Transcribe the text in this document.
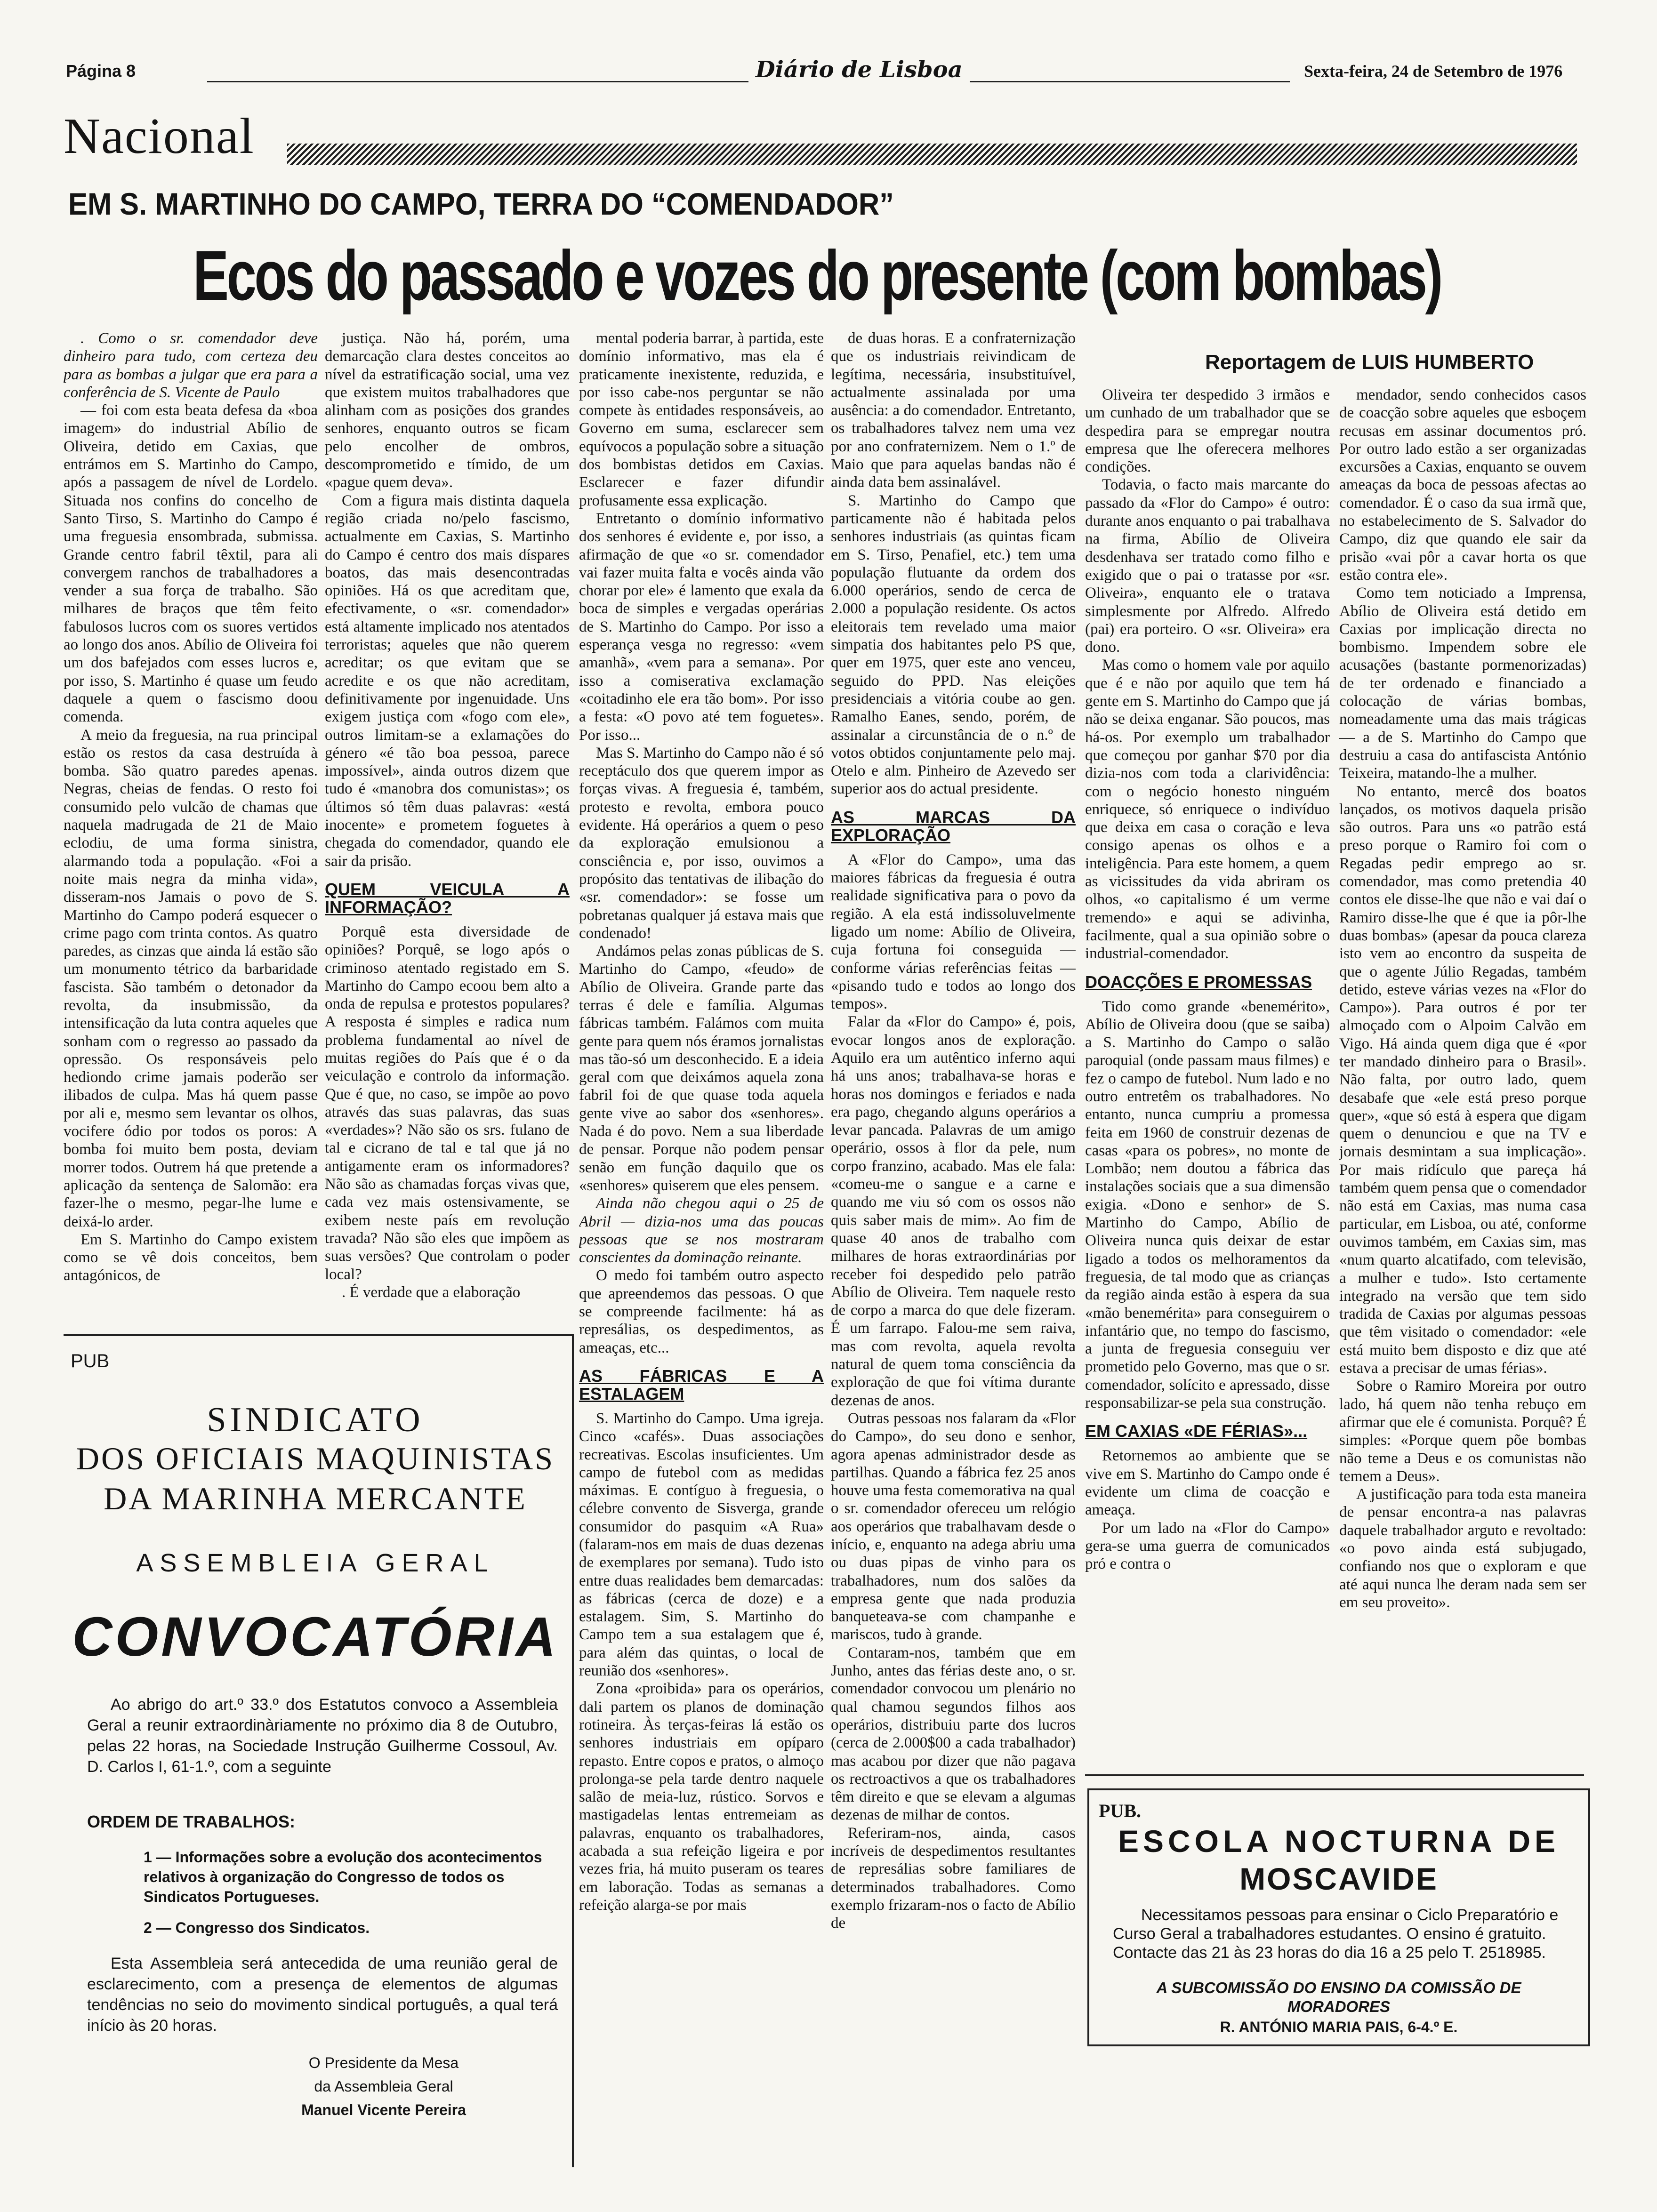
Página 8	Diário de Lisboa	Sexta-feira, 24 de Setembro de 1976
Nacional
EM S. MARTINHO DO CAMPO, TERRA DO “COMENDADOR”
Ecos do passado e vozes do presente (com bombas)
Reportagem de LUIS HUMBERTO

. Como o sr. comendador deve dinheiro para tudo, com certeza deu para as bombas a julgar que era para a conferência de S. Vicente de Paulo

— foi com esta beata defesa da «boa imagem» do industrial Abílio de Oliveira, detido em Caxias, que entrámos em S. Martinho do Campo, após a passagem de nível de Lordelo. Situada nos confins do concelho de Santo Tirso, S. Martinho do Campo é uma freguesia ensombrada, submissa. Grande centro fabril têxtil, para ali convergem ranchos de trabalhadores a vender a sua força de trabalho. São milhares de braços que têm feito fabulosos lucros com os suores vertidos ao longo dos anos. Abílio de Oliveira foi um dos bafejados com esses lucros e, por isso, S. Martinho é quase um feudo daquele a quem o fascismo doou comenda.

A meio da freguesia, na rua principal estão os restos da casa destruída à bomba. São quatro paredes apenas. Negras, cheias de fendas. O resto foi consumido pelo vulcão de chamas que naquela madrugada de 21 de Maio eclodiu, de uma forma sinistra, alarmando toda a população. «Foi a noite mais negra da minha vida», disseram-nos Jamais o povo de S. Martinho do Campo poderá esquecer o crime pago com trinta contos. As quatro paredes, as cinzas que ainda lá estão são um monumento tétrico da barbaridade fascista. São também o detonador da revolta, da insubmissão, da intensificação da luta contra aqueles que sonham com o regresso ao passado da opressão. Os responsáveis pelo hediondo crime jamais poderão ser ilibados de culpa. Mas há quem passe por ali e, mesmo sem levantar os olhos, vocifere ódio por todos os poros: A bomba foi muito bem posta, deviam morrer todos. Outrem há que pretende a aplicação da sentença de Salomão: era fazer-lhe o mesmo, pegar-lhe lume e deixá-lo arder.

Em S. Martinho do Campo existem como se vê dois conceitos, bem antagónicos, de

justiça. Não há, porém, uma demarcação clara destes conceitos ao nível da estratificação social, uma vez que existem muitos trabalhadores que alinham com as posições dos grandes senhores, enquanto outros se ficam pelo encolher de ombros, descomprometido e tímido, de um «pague quem deva».

Com a figura mais distinta daquela região criada no/pelo fascismo, actualmente em Caxias, S. Martinho do Campo é centro dos mais díspares boatos, das mais desencontradas opiniões. Há os que acreditam que, efectivamente, o «sr. comendador» está altamente implicado nos atentados terroristas; aqueles que não querem acreditar; os que evitam que se acredite e os que não acreditam, definitivamente por ingenuidade. Uns exigem justiça com «fogo com ele», outros limitam-se a exlamações do género «é tão boa pessoa, parece impossível», ainda outros dizem que tudo é «manobra dos comunistas»; os últimos só têm duas palavras: «está inocente» e prometem foguetes à chegada do comendador, quando ele sair da prisão.

QUEM VEICULA A INFORMAÇÃO?

Porquê esta diversidade de opiniões? Porquê, se logo após o criminoso atentado registado em S. Martinho do Campo ecoou bem alto a onda de repulsa e protestos populares? A resposta é simples e radica num problema fundamental ao nível de muitas regiões do País que é o da veiculação e controlo da informação. Que é que, no caso, se impõe ao povo através das suas palavras, das suas «verdades»? Não são os srs. fulano de tal e cicrano de tal e tal que já no antigamente eram os informadores? Não são as chamadas forças vivas que, cada vez mais ostensivamente, se exibem neste país em revolução travada? Não são eles que impõem as suas versões? Que controlam o poder local?

. É verdade que a elaboração

mental poderia barrar, à partida, este domínio informativo, mas ela é praticamente inexistente, reduzida, e por isso cabe-nos perguntar se não compete às entidades responsáveis, ao Governo em suma, esclarecer sem equívocos a população sobre a situação dos bombistas detidos em Caxias. Esclarecer e fazer difundir profusamente essa explicação.

Entretanto o domínio informativo dos senhores é evidente e, por isso, a afirmação de que «o sr. comendador vai fazer muita falta e vocês ainda vão chorar por ele» é lamento que exala da boca de simples e vergadas operárias de S. Martinho do Campo. Por isso a esperança vesga no regresso: «vem amanhã», «vem para a semana». Por isso a comiserativa exclamação «coitadinho ele era tão bom». Por isso a festa: «O povo até tem foguetes». Por isso...

Mas S. Martinho do Campo não é só receptáculo dos que querem impor as forças vivas. A freguesia é, também, protesto e revolta, embora pouco evidente. Há operários a quem o peso da exploração emulsionou a consciência e, por isso, ouvimos a propósito das tentativas de ilibação do «sr. comendador»: se fosse um pobretanas qualquer já estava mais que condenado!

Andámos pelas zonas públicas de S. Martinho do Campo, «feudo» de Abílio de Oliveira. Grande parte das terras é dele e família. Algumas fábricas também. Falámos com muita gente para quem nós éramos jornalistas mas tão-só um desconhecido. E a ideia geral com que deixámos aquela zona fabril foi de que quase toda aquela gente vive ao sabor dos «senhores». Nada é do povo. Nem a sua liberdade de pensar. Porque não podem pensar senão em função daquilo que os «senhores» quiserem que eles pensem.

Ainda não chegou aqui o 25 de Abril — dizia-nos uma das poucas pessoas que se nos mostraram conscientes da dominação reinante.

O medo foi também outro aspecto que apreendemos das pessoas. O que se compreende facilmente: há as represálias, os despedimentos, as ameaças, etc...

AS FÁBRICAS E A ESTALAGEM

S. Martinho do Campo. Uma igreja. Cinco «cafés». Duas associações recreativas. Escolas insuficientes. Um campo de futebol com as medidas máximas. E contíguo à freguesia, o célebre convento de Sisverga, grande consumidor do pasquim «A Rua» (falaram-nos em mais de duas dezenas de exemplares por semana). Tudo isto entre duas realidades bem demarcadas: as fábricas (cerca de doze) e a estalagem. Sim, S. Martinho do Campo tem a sua estalagem que é, para além das quintas, o local de reunião dos «senhores».

Zona «proibida» para os operários, dali partem os planos de dominação rotineira. Às terças-feiras lá estão os senhores industriais em opíparo repasto. Entre copos e pratos, o almoço prolonga-se pela tarde dentro naquele salão de meia-luz, rústico. Sorvos e mastigadelas lentas entremeiam as palavras, enquanto os trabalhadores, acabada a sua refeição ligeira e por vezes fria, há muito puseram os teares em laboração. Todas as semanas a refeição alarga-se por mais

de duas horas. E a confraternização que os industriais reivindicam de legítima, necessária, insubstituível, actualmente assinalada por uma ausência: a do comendador. Entretanto, os trabalhadores talvez nem uma vez por ano confraternizem. Nem o 1.º de Maio que para aquelas bandas não é ainda data bem assinalável.

S. Martinho do Campo que particamente não é habitada pelos senhores industriais (as quintas ficam em S. Tirso, Penafiel, etc.) tem uma população flutuante da ordem dos 6.000 operários, sendo de cerca de 2.000 a população residente. Os actos eleitorais tem revelado uma maior simpatia dos habitantes pelo PS que, quer em 1975, quer este ano venceu, seguido do PPD. Nas eleições presidenciais a vitória coube ao gen. Ramalho Eanes, sendo, porém, de assinalar a circunstância de o n.º de votos obtidos conjuntamente pelo maj. Otelo e alm. Pinheiro de Azevedo ser superior aos do actual presidente.

AS MARCAS DA EXPLORAÇÃO

A «Flor do Campo», uma das maiores fábricas da freguesia é outra realidade significativa para o povo da região. A ela está indissoluvelmente ligado um nome: Abílio de Oliveira, cuja fortuna foi conseguida — conforme várias referências feitas — «pisando tudo e todos ao longo dos tempos».

Falar da «Flor do Campo» é, pois, evocar longos anos de exploração. Aquilo era um autêntico inferno aqui há uns anos; trabalhava-se horas e horas nos domingos e feriados e nada era pago, chegando alguns operários a levar pancada. Palavras de um amigo operário, ossos à flor da pele, num corpo franzino, acabado. Mas ele fala: «comeu-me o sangue e a carne e quando me viu só com os ossos não quis saber mais de mim». Ao fim de quase 40 anos de trabalho com milhares de horas extraordinárias por receber foi despedido pelo patrão Abílio de Oliveira. Tem naquele resto de corpo a marca do que dele fizeram. É um farrapo. Falou-me sem raiva, mas com revolta, aquela revolta natural de quem toma consciência da exploração de que foi vítima durante dezenas de anos.

Outras pessoas nos falaram da «Flor do Campo», do seu dono e senhor, agora apenas administrador desde as partilhas. Quando a fábrica fez 25 anos houve uma festa comemorativa na qual o sr. comendador ofereceu um relógio aos operários que trabalhavam desde o início, e, enquanto na adega abriu uma ou duas pipas de vinho para os trabalhadores, num dos salões da empresa gente que nada produzia banqueteava-se com champanhe e mariscos, tudo à grande.

Contaram-nos, também que em Junho, antes das férias deste ano, o sr. comendador convocou um plenário no qual chamou segundos filhos aos operários, distribuiu parte dos lucros (cerca de 2.000$00 a cada trabalhador) mas acabou por dizer que não pagava os rectroactivos a que os trabalhadores têm direito e que se elevam a algumas dezenas de milhar de contos.

Referiram-nos, ainda, casos incríveis de despedimentos resultantes de represálias sobre familiares de determinados trabalhadores. Como exemplo frizaram-nos o facto de Abílio de

Oliveira ter despedido 3 irmãos e um cunhado de um trabalhador que se despedira para se empregar noutra empresa que lhe oferecera melhores condições.

Todavia, o facto mais marcante do passado da «Flor do Campo» é outro: durante anos enquanto o pai trabalhava na firma, Abílio de Oliveira desdenhava ser tratado como filho e exigido que o pai o tratasse por «sr. Oliveira», enquanto ele o tratava simplesmente por Alfredo. Alfredo (pai) era porteiro. O «sr. Oliveira» era dono.

Mas como o homem vale por aquilo que é e não por aquilo que tem há gente em S. Martinho do Campo que já não se deixa enganar. São poucos, mas há-os. Por exemplo um trabalhador que começou por ganhar $70 por dia dizia-nos com toda a clarividência: com o negócio honesto ninguém enriquece, só enriquece o indivíduo que deixa em casa o coração e leva consigo apenas os olhos e a inteligência. Para este homem, a quem as vicissitudes da vida abriram os olhos, «o capitalismo é um verme tremendo» e aqui se adivinha, facilmente, qual a sua opinião sobre o industrial-comendador.

DOACÇÕES E PROMESSAS

Tido como grande «benemérito», Abílio de Oliveira doou (que se saiba) a S. Martinho do Campo o salão paroquial (onde passam maus filmes) e fez o campo de futebol. Num lado e no outro entretêm os trabalhadores. No entanto, nunca cumpriu a promessa feita em 1960 de construir dezenas de casas «para os pobres», no monte de Lombão; nem doutou a fábrica das instalações sociais que a sua dimensão exigia. «Dono e senhor» de S. Martinho do Campo, Abílio de Oliveira nunca quis deixar de estar ligado a todos os melhoramentos da freguesia, de tal modo que as crianças da região ainda estão à espera da sua «mão benemérita» para conseguirem o infantário que, no tempo do fascismo, a junta de freguesia conseguiu ver prometido pelo Governo, mas que o sr. comendador, solícito e apressado, disse responsabilizar-se pela sua construção.

EM CAXIAS «DE FÉRIAS»...

Retornemos ao ambiente que se vive em S. Martinho do Campo onde é evidente um clima de coacção e ameaça.

Por um lado na «Flor do Campo» gera-se uma guerra de comunicados pró e contra o

mendador, sendo conhecidos casos de coacção sobre aqueles que esboçem recusas em assinar documentos pró. Por outro lado estão a ser organizadas excursões a Caxias, enquanto se ouvem ameaças da boca de pessoas afectas ao comendador. É o caso da sua irmã que, no estabelecimento de S. Salvador do Campo, diz que quando ele sair da prisão «vai pôr a cavar horta os que estão contra ele».

Como tem noticiado a Imprensa, Abílio de Oliveira está detido em Caxias por implicação directa no bombismo. Impendem sobre ele acusações (bastante pormenorizadas) de ter ordenado e financiado a colocação de várias bombas, nomeadamente uma das mais trágicas — a de S. Martinho do Campo que destruiu a casa do antifascista António Teixeira, matando-lhe a mulher.

No entanto, mercê dos boatos lançados, os motivos daquela prisão são outros. Para uns «o patrão está preso porque o Ramiro foi com o Regadas pedir emprego ao sr. comendador, mas como pretendia 40 contos ele disse-lhe que não e vai daí o Ramiro disse-lhe que é que ia pôr-lhe duas bombas» (apesar da pouca clareza isto vem ao encontro da suspeita de que o agente Júlio Regadas, também detido, esteve várias vezes na «Flor do Campo»). Para outros é por ter almoçado com o Alpoim Calvão em Vigo. Há ainda quem diga que é «por ter mandado dinheiro para o Brasil». Não falta, por outro lado, quem desabafe que «ele está preso porque quer», «que só está à espera que digam quem o denunciou e que na TV e jornais desmintam a sua implicação». Por mais ridículo que pareça há também quem pensa que o comendador não está em Caxias, mas numa casa particular, em Lisboa, ou até, conforme ouvimos também, em Caxias sim, mas «num quarto alcatifado, com televisão, a mulher e tudo». Isto certamente integrado na versão que tem sido tradida de Caxias por algumas pessoas que têm visitado o comendador: «ele está muito bem disposto e diz que até estava a precisar de umas férias».

Sobre o Ramiro Moreira por outro lado, há quem não tenha rebuço em afirmar que ele é comunista. Porquê? É simples: «Porque quem põe bombas não teme a Deus e os comunistas não temem a Deus».

A justificação para toda esta maneira de pensar encontra-a nas palavras daquele trabalhador arguto e revoltado: «o povo ainda está subjugado, confiando nos que o exploram e que até aqui nunca lhe deram nada sem ser em seu proveito».

PUB
SINDICATO
DOS OFICIAIS MAQUINISTAS
DA MARINHA MERCANTE
ASSEMBLEIA GERAL
CONVOCATÓRIA
Ao abrigo do art.º 33.º dos Estatutos convoco a Assembleia Geral a reunir extraordinàriamente no próximo dia 8 de Outubro, pelas 22 horas, na Sociedade Instrução Guilherme Cossoul, Av. D. Carlos I, 61-1.º, com a seguinte
ORDEM DE TRABALHOS:
1 — Informações sobre a evolução dos acontecimentos relativos à organização do Congresso de todos os Sindicatos Portugueses.
2 — Congresso dos Sindicatos.
Esta Assembleia será antecedida de uma reunião geral de esclarecimento, com a presença de elementos de algumas tendências no seio do movimento sindical português, a qual terá início às 20 horas.
O Presidente da Mesa
da Assembleia Geral
Manuel Vicente Pereira
PUB.
ESCOLA NOCTURNA DE
MOSCAVIDE
Necessitamos pessoas para ensinar o Ciclo Preparatório e Curso Geral a trabalhadores estudantes. O ensino é gratuito. Contacte das 21 às 23 horas do dia 16 a 25 pelo T. 2518985.
A SUBCOMISSÃO DO ENSINO DA COMISSÃO DE MORADORES
R. ANTÓNIO MARIA PAIS, 6-4.º E.
